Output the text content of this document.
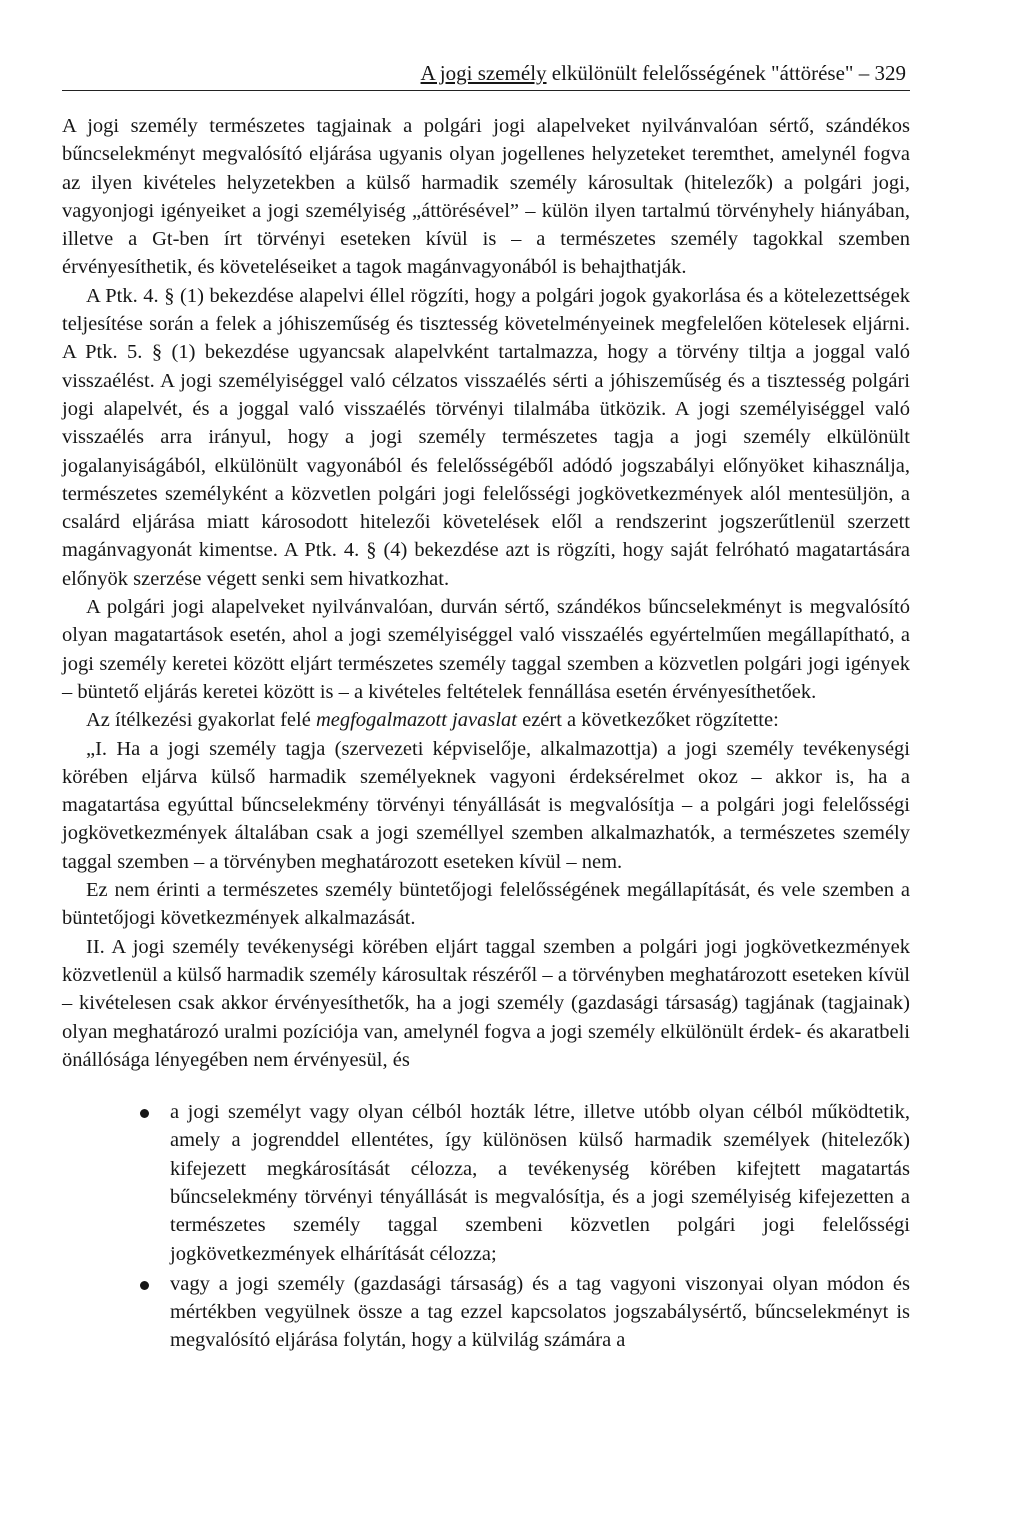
A jogi személy elkülönült felelősségének "áttörése" – 329

A jogi személy természetes tagjainak a polgári jogi alapelveket nyilvánvalóan sértő, szándékos bűncselekményt megvalósító eljárása ugyanis olyan jogellenes helyzeteket teremthet, amelynél fogva az ilyen kivételes helyzetekben a külső harmadik személy károsultak (hitelezők) a polgári jogi, vagyonjogi igényeiket a jogi személyiség „áttörésével” – külön ilyen tartalmú törvényhely hiányában, illetve a Gt-ben írt törvényi eseteken kívül is – a természetes személy tagokkal szemben érvényesíthetik, és követeléseiket a tagok magánvagyonából is behajthatják.

A Ptk. 4. § (1) bekezdése alapelvi éllel rögzíti, hogy a polgári jogok gyakorlása és a kötelezettségek teljesítése során a felek a jóhiszeműség és tisztesség követelményeinek megfelelően kötelesek eljárni. A Ptk. 5. § (1) bekezdése ugyancsak alapelvként tartalmazza, hogy a törvény tiltja a joggal való visszaélést. A jogi személyiséggel való célzatos visszaélés sérti a jóhiszeműség és a tisztesség polgári jogi alapelvét, és a joggal való visszaélés törvényi tilalmába ütközik. A jogi személyiséggel való visszaélés arra irányul, hogy a jogi személy természetes tagja a jogi személy elkülönült jogalanyiságából, elkülönült vagyonából és felelősségéből adódó jogszabályi előnyöket kihasználja, természetes személyként a közvetlen polgári jogi felelősségi jogkövetkezmények alól mentesüljön, a csalárd eljárása miatt károsodott hitelezői követelések elől a rendszerint jogszerűtlenül szerzett magánvagyonát kimentse. A Ptk. 4. § (4) bekezdése azt is rögzíti, hogy saját felróható magatartására előnyök szerzése végett senki sem hivatkozhat.

A polgári jogi alapelveket nyilvánvalóan, durván sértő, szándékos bűncselekményt is megvalósító olyan magatartások esetén, ahol a jogi személyiséggel való visszaélés egyértelműen megállapítható, a jogi személy keretei között eljárt természetes személy taggal szemben a közvetlen polgári jogi igények – büntető eljárás keretei között is – a kivételes feltételek fennállása esetén érvényesíthetőek.

Az ítélkezési gyakorlat felé megfogalmazott javaslat ezért a következőket rögzítette:

„I. Ha a jogi személy tagja (szervezeti képviselője, alkalmazottja) a jogi személy tevékenységi körében eljárva külső harmadik személyeknek vagyoni érdeksérelmet okoz – akkor is, ha a magatartása egyúttal bűncselekmény törvényi tényállását is megvalósítja – a polgári jogi felelősségi jogkövetkezmények általában csak a jogi személlyel szemben alkalmazhatók, a természetes személy taggal szemben – a törvényben meghatározott eseteken kívül – nem.

Ez nem érinti a természetes személy büntetőjogi felelősségének megállapítását, és vele szemben a büntetőjogi következmények alkalmazását.

II. A jogi személy tevékenységi körében eljárt taggal szemben a polgári jogi jogkövetkezmények közvetlenül a külső harmadik személy károsultak részéről – a törvényben meghatározott eseteken kívül – kivételesen csak akkor érvényesíthetők, ha a jogi személy (gazdasági társaság) tagjának (tagjainak) olyan meghatározó uralmi pozíciója van, amelynél fogva a jogi személy elkülönült érdek- és akaratbeli önállósága lényegében nem érvényesül, és

a jogi személyt vagy olyan célból hozták létre, illetve utóbb olyan célból működtetik, amely a jogrenddel ellentétes, így különösen külső harmadik személyek (hitelezők) kifejezett megkárosítását célozza, a tevékenység körében kifejtett magatartás bűncselekmény törvényi tényállását is megvalósítja, és a jogi személyiség kifejezetten a természetes személy taggal szembeni közvetlen polgári jogi felelősségi jogkövetkezmények elhárítását célozza;
vagy a jogi személy (gazdasági társaság) és a tag vagyoni viszonyai olyan módon és mértékben vegyülnek össze a tag ezzel kapcsolatos jogszabálysértő, bűncselekményt is megvalósító eljárása folytán, hogy a külvilág számára a
